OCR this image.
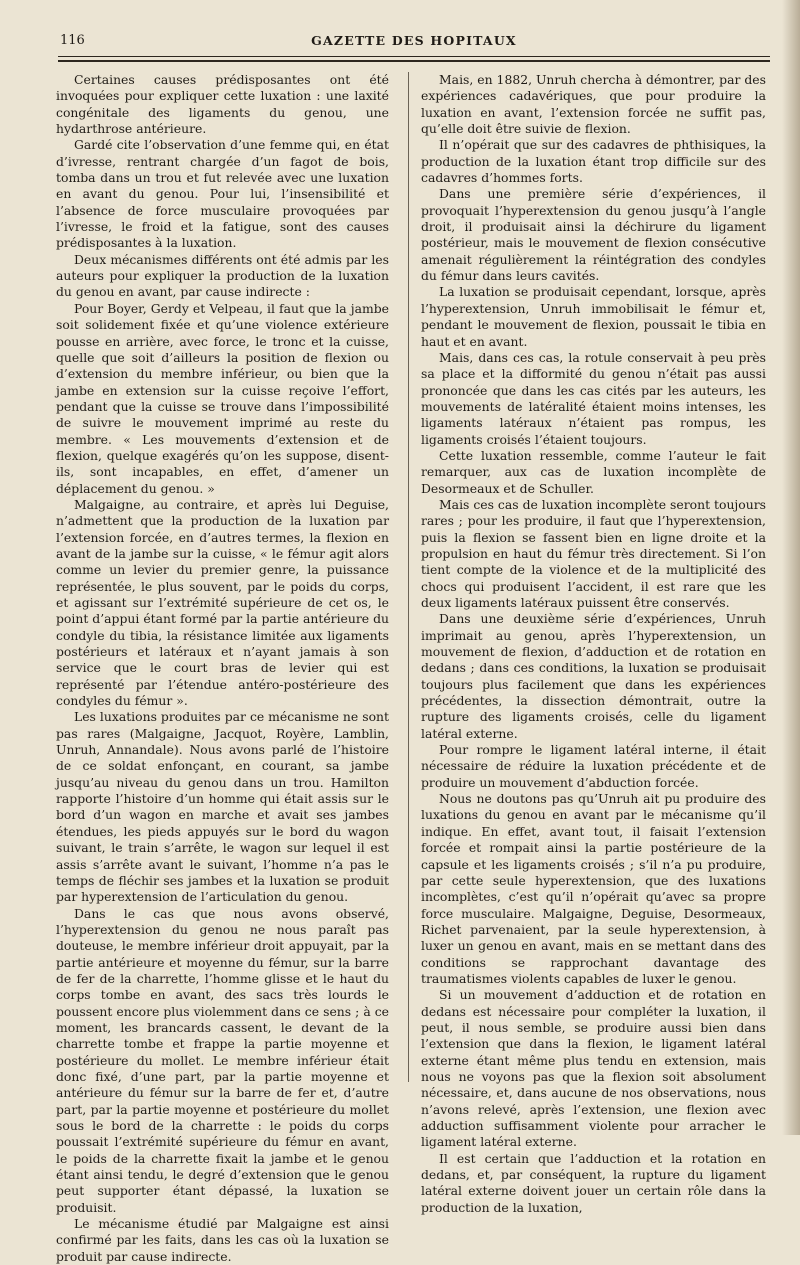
116	GAZETTE DES HOPITAUX

Certaines causes prédisposantes ont été invoquées pour expliquer cette luxation : une laxité congénitale des ligaments du genou, une hydarthrose antérieure.

Gardé cite l’observation d’une femme qui, en état d’ivresse, rentrant chargée d’un fagot de bois, tomba dans un trou et fut relevée avec une luxation en avant du genou. Pour lui, l’insensibilité et l’absence de force musculaire provoquées par l’ivresse, le froid et la fatigue, sont des causes prédisposantes à la luxation.

Deux mécanismes différents ont été admis par les auteurs pour expliquer la production de la luxation du genou en avant, par cause indirecte :

Pour Boyer, Gerdy et Velpeau, il faut que la jambe soit solidement fixée et qu’une violence extérieure pousse en arrière, avec force, le tronc et la cuisse, quelle que soit d’ailleurs la position de flexion ou d’extension du membre inférieur, ou bien que la jambe en extension sur la cuisse reçoive l’effort, pendant que la cuisse se trouve dans l’impossibilité de suivre le mouvement imprimé au reste du membre. « Les mouvements d’extension et de flexion, quelque exagérés qu’on les suppose, disent-ils, sont incapables, en effet, d’amener un déplacement du genou. »

Malgaigne, au contraire, et après lui Deguise, n’admettent que la production de la luxation par l’extension forcée, en d’autres termes, la flexion en avant de la jambe sur la cuisse, « le fémur agit alors comme un levier du premier genre, la puissance représentée, le plus souvent, par le poids du corps, et agissant sur l’extrémité supérieure de cet os, le point d’appui étant formé par la partie antérieure du condyle du tibia, la résistance limitée aux ligaments postérieurs et latéraux et n’ayant jamais à son service que le court bras de levier qui est représenté par l’étendue antéro-postérieure des condyles du fémur ».

Les luxations produites par ce mécanisme ne sont pas rares (Malgaigne, Jacquot, Royère, Lamblin, Unruh, Annandale). Nous avons parlé de l’histoire de ce soldat enfonçant, en courant, sa jambe jusqu’au niveau du genou dans un trou. Hamilton rapporte l’histoire d’un homme qui était assis sur le bord d’un wagon en marche et avait ses jambes étendues, les pieds appuyés sur le bord du wagon suivant, le train s’arrête, le wagon sur lequel il est assis s’arrête avant le suivant, l’homme n’a pas le temps de fléchir ses jambes et la luxation se produit par hyperextension de l’articulation du genou.

Dans le cas que nous avons observé, l’hyperextension du genou ne nous paraît pas douteuse, le membre inférieur droit appuyait, par la partie antérieure et moyenne du fémur, sur la barre de fer de la charrette, l’homme glisse et le haut du corps tombe en avant, des sacs très lourds le poussent encore plus violemment dans ce sens ; à ce moment, les brancards cassent, le devant de la charrette tombe et frappe la partie moyenne et postérieure du mollet. Le membre inférieur était donc fixé, d’une part, par la partie moyenne et antérieure du fémur sur la barre de fer et, d’autre part, par la partie moyenne et postérieure du mollet sous le bord de la charrette : le poids du corps poussait l’extrémité supérieure du fémur en avant, le poids de la charrette fixait la jambe et le genou étant ainsi tendu, le degré d’extension que le genou peut supporter étant dépassé, la luxation se produisit.

Le mécanisme étudié par Malgaigne est ainsi confirmé par les faits, dans les cas où la luxation se produit par cause indirecte.

Mais, en 1882, Unruh chercha à démontrer, par des expériences cadavériques, que pour produire la luxation en avant, l’extension forcée ne suffit pas, qu’elle doit être suivie de flexion.

Il n’opérait que sur des cadavres de phthisiques, la production de la luxation étant trop difficile sur des cadavres d’hommes forts.

Dans une première série d’expériences, il provoquait l’hyperextension du genou jusqu’à l’angle droit, il produisait ainsi la déchirure du ligament postérieur, mais le mouvement de flexion consécutive amenait régulièrement la réintégration des condyles du fémur dans leurs cavités.

La luxation se produisait cependant, lorsque, après l’hyperextension, Unruh immobilisait le fémur et, pendant le mouvement de flexion, poussait le tibia en haut et en avant.

Mais, dans ces cas, la rotule conservait à peu près sa place et la difformité du genou n’était pas aussi prononcée que dans les cas cités par les auteurs, les mouvements de latéralité étaient moins intenses, les ligaments latéraux n’étaient pas rompus, les ligaments croisés l’étaient toujours.

Cette luxation ressemble, comme l’auteur le fait remarquer, aux cas de luxation incomplète de Desormeaux et de Schuller.

Mais ces cas de luxation incomplète seront toujours rares ; pour les produire, il faut que l’hyperextension, puis la flexion se fassent bien en ligne droite et la propulsion en haut du fémur très directement. Si l’on tient compte de la violence et de la multiplicité des chocs qui produisent l’accident, il est rare que les deux ligaments latéraux puissent être conservés.

Dans une deuxième série d’expériences, Unruh imprimait au genou, après l’hyperextension, un mouvement de flexion, d’adduction et de rotation en dedans ; dans ces conditions, la luxation se produisait toujours plus facilement que dans les expériences précédentes, la dissection démontrait, outre la rupture des ligaments croisés, celle du ligament latéral externe.

Pour rompre le ligament latéral interne, il était nécessaire de réduire la luxation précédente et de produire un mouvement d’abduction forcée.

Nous ne doutons pas qu’Unruh ait pu produire des luxations du genou en avant par le mécanisme qu’il indique. En effet, avant tout, il faisait l’extension forcée et rompait ainsi la partie postérieure de la capsule et les ligaments croisés ; s’il n’a pu produire, par cette seule hyperextension, que des luxations incomplètes, c’est qu’il n’opérait qu’avec sa propre force musculaire. Malgaigne, Deguise, Desormeaux, Richet parvenaient, par la seule hyperextension, à luxer un genou en avant, mais en se mettant dans des conditions se rapprochant davantage des traumatismes violents capables de luxer le genou.

Si un mouvement d’adduction et de rotation en dedans est nécessaire pour compléter la luxation, il peut, il nous semble, se produire aussi bien dans l’extension que dans la flexion, le ligament latéral externe étant même plus tendu en extension, mais nous ne voyons pas que la flexion soit absolument nécessaire, et, dans aucune de nos observations, nous n’avons relevé, après l’extension, une flexion avec adduction suffisamment violente pour arracher le ligament latéral externe.

Il est certain que l’adduction et la rotation en dedans, et, par conséquent, la rupture du ligament latéral externe doivent jouer un certain rôle dans la production de la luxation,
